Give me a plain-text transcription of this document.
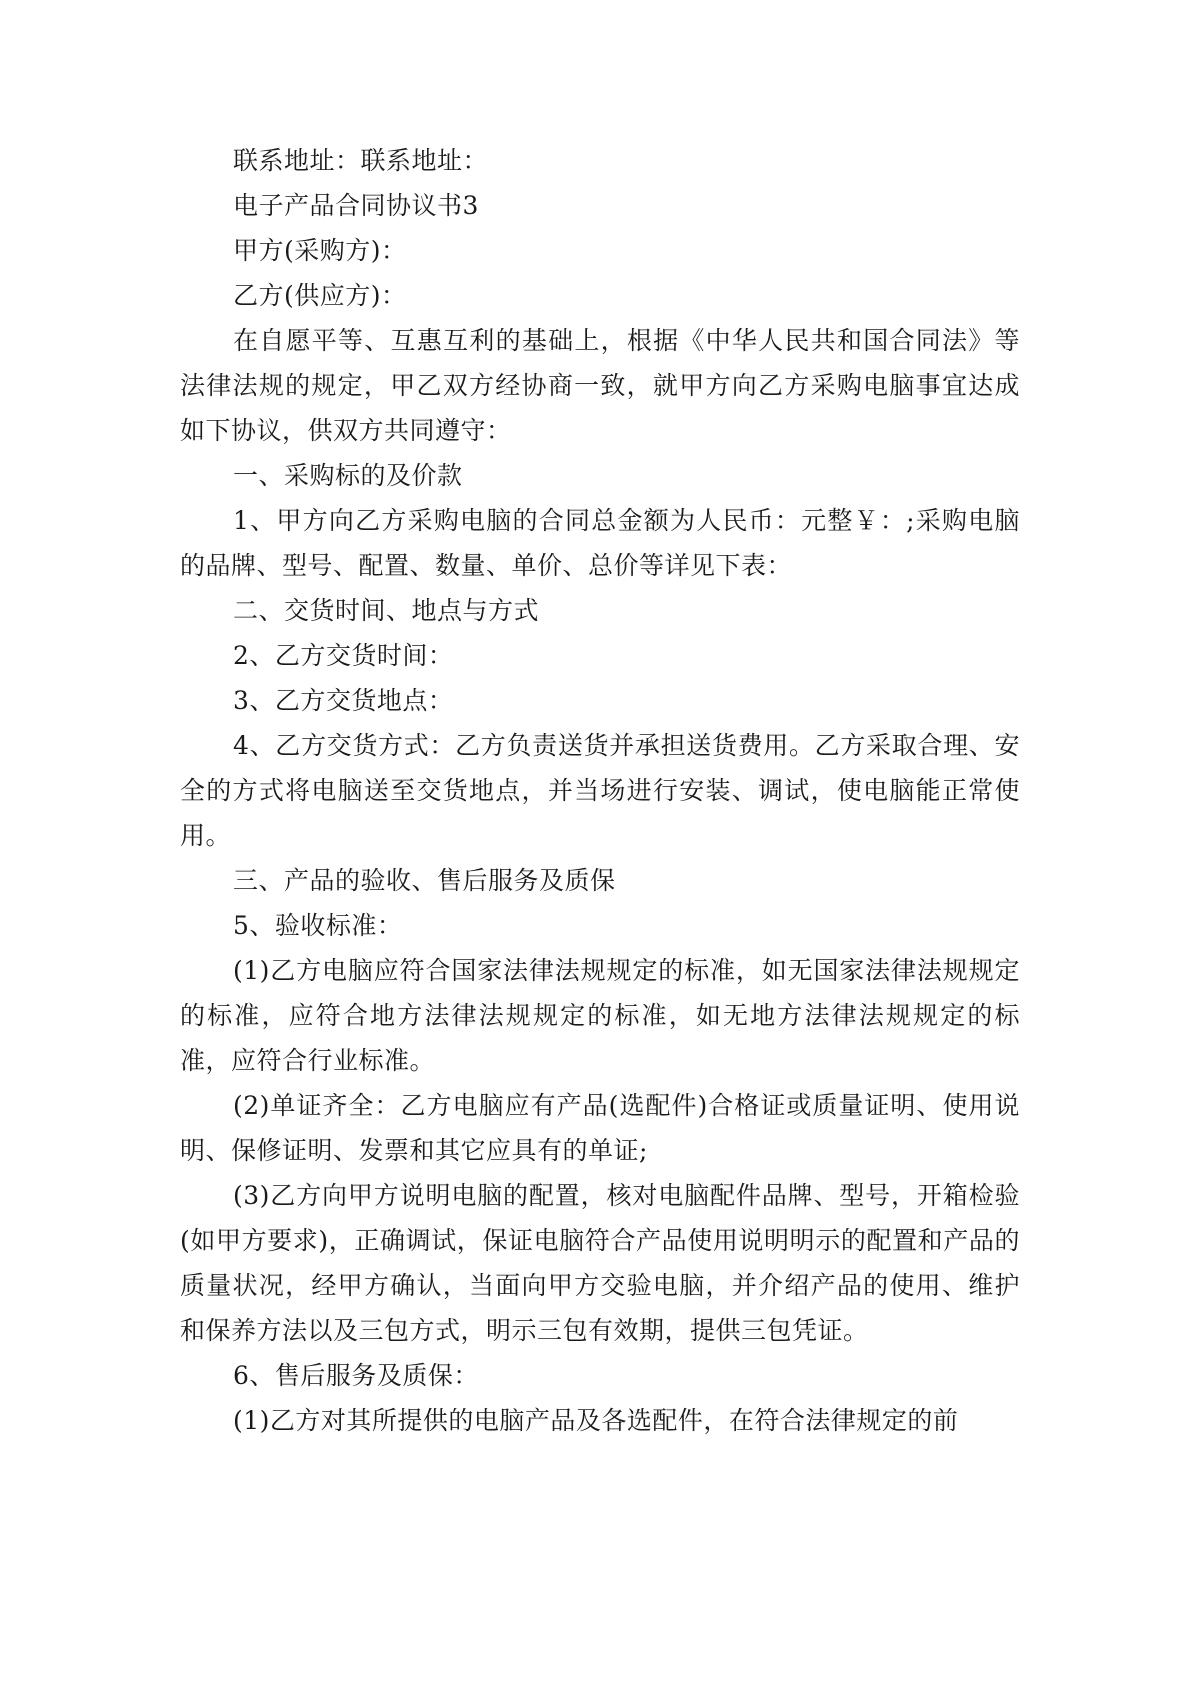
联系地址：联系地址：

电子产品合同协议书3

甲方(采购方)：

乙方(供应方)：

在自愿平等、互惠互利的基础上，根据《中华人民共和国合同法》等法律法规的规定，甲乙双方经协商一致，就甲方向乙方采购电脑事宜达成如下协议，供双方共同遵守：

一、采购标的及价款

1、甲方向乙方采购电脑的合同总金额为人民币：元整￥：;采购电脑的品牌、型号、配置、数量、单价、总价等详见下表：

二、交货时间、地点与方式

2、乙方交货时间：

3、乙方交货地点：

4、乙方交货方式：乙方负责送货并承担送货费用。乙方采取合理、安全的方式将电脑送至交货地点，并当场进行安装、调试，使电脑能正常使用。

三、产品的验收、售后服务及质保

5、验收标准：

(1)乙方电脑应符合国家法律法规规定的标准，如无国家法律法规规定的标准，应符合地方法律法规规定的标准，如无地方法律法规规定的标准，应符合行业标准。

(2)单证齐全：乙方电脑应有产品(选配件)合格证或质量证明、使用说明、保修证明、发票和其它应具有的单证;

(3)乙方向甲方说明电脑的配置，核对电脑配件品牌、型号，开箱检验(如甲方要求)，正确调试，保证电脑符合产品使用说明明示的配置和产品的质量状况，经甲方确认，当面向甲方交验电脑，并介绍产品的使用、维护和保养方法以及三包方式，明示三包有效期，提供三包凭证。

6、售后服务及质保：

(1)乙方对其所提供的电脑产品及各选配件，在符合法律规定的前
